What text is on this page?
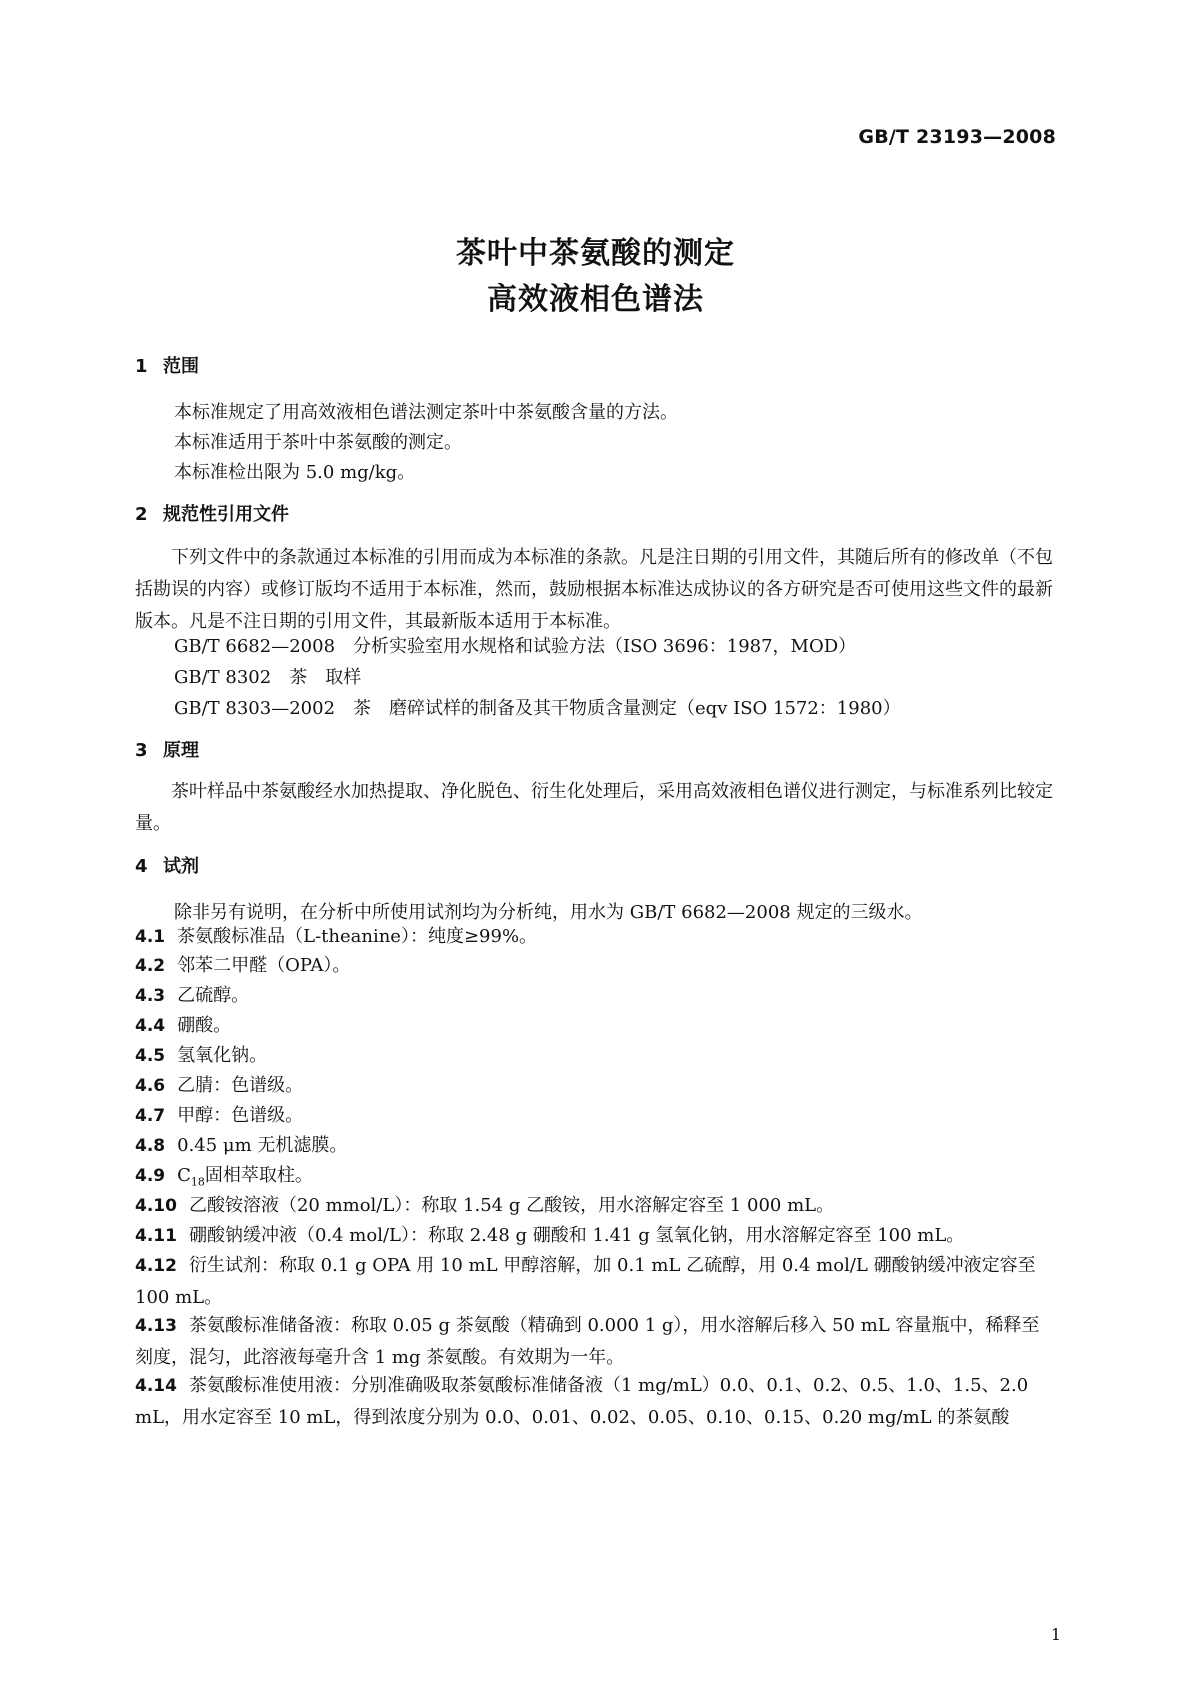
GB/T 23193—2008
茶叶中茶氨酸的测定
高效液相色谱法
1 范围
本标准规定了用高效液相色谱法测定茶叶中茶氨酸含量的方法。
本标准适用于茶叶中茶氨酸的测定。
本标准检出限为 5.0 mg/kg。
2 规范性引用文件
下列文件中的条款通过本标准的引用而成为本标准的条款。凡是注日期的引用文件，其随后所有的修改单（不包括勘误的内容）或修订版均不适用于本标准，然而，鼓励根据本标准达成协议的各方研究是否可使用这些文件的最新版本。凡是不注日期的引用文件，其最新版本适用于本标准。
GB/T 6682—2008　分析实验室用水规格和试验方法（ISO 3696：1987，MOD）
GB/T 8302　茶　取样
GB/T 8303—2002　茶　磨碎试样的制备及其干物质含量测定（eqv ISO 1572：1980）
3 原理
茶叶样品中茶氨酸经水加热提取、净化脱色、衍生化处理后，采用高效液相色谱仪进行测定，与标准系列比较定量。
4 试剂
除非另有说明，在分析中所使用试剂均为分析纯，用水为 GB/T 6682—2008 规定的三级水。
4.1 茶氨酸标准品（L-theanine）：纯度≥99%。
4.2 邻苯二甲醛（OPA）。
4.3 乙硫醇。
4.4 硼酸。
4.5 氢氧化钠。
4.6 乙腈：色谱级。
4.7 甲醇：色谱级。
4.8 0.45 μm 无机滤膜。
4.9 $C_{18}$固相萃取柱。
4.10 乙酸铵溶液（20 mmol/L）：称取 1.54 g 乙酸铵，用水溶解定容至 1 000 mL。
4.11 硼酸钠缓冲液（0.4 mol/L）：称取 2.48 g 硼酸和 1.41 g 氢氧化钠，用水溶解定容至 100 mL。
4.12 衍生试剂：称取 0.1 g OPA 用 10 mL 甲醇溶解，加 0.1 mL 乙硫醇，用 0.4 mol/L 硼酸钠缓冲液定容至 100 mL。
4.13 茶氨酸标准储备液：称取 0.05 g 茶氨酸（精确到 0.000 1 g），用水溶解后移入 50 mL 容量瓶中，稀释至刻度，混匀，此溶液每毫升含 1 mg 茶氨酸。有效期为一年。
4.14 茶氨酸标准使用液：分别准确吸取茶氨酸标准储备液（1 mg/mL）0.0、0.1、0.2、0.5、1.0、1.5、2.0 mL，用水定容至 10 mL，得到浓度分别为 0.0、0.01、0.02、0.05、0.10、0.15、0.20 mg/mL 的茶氨酸
1
